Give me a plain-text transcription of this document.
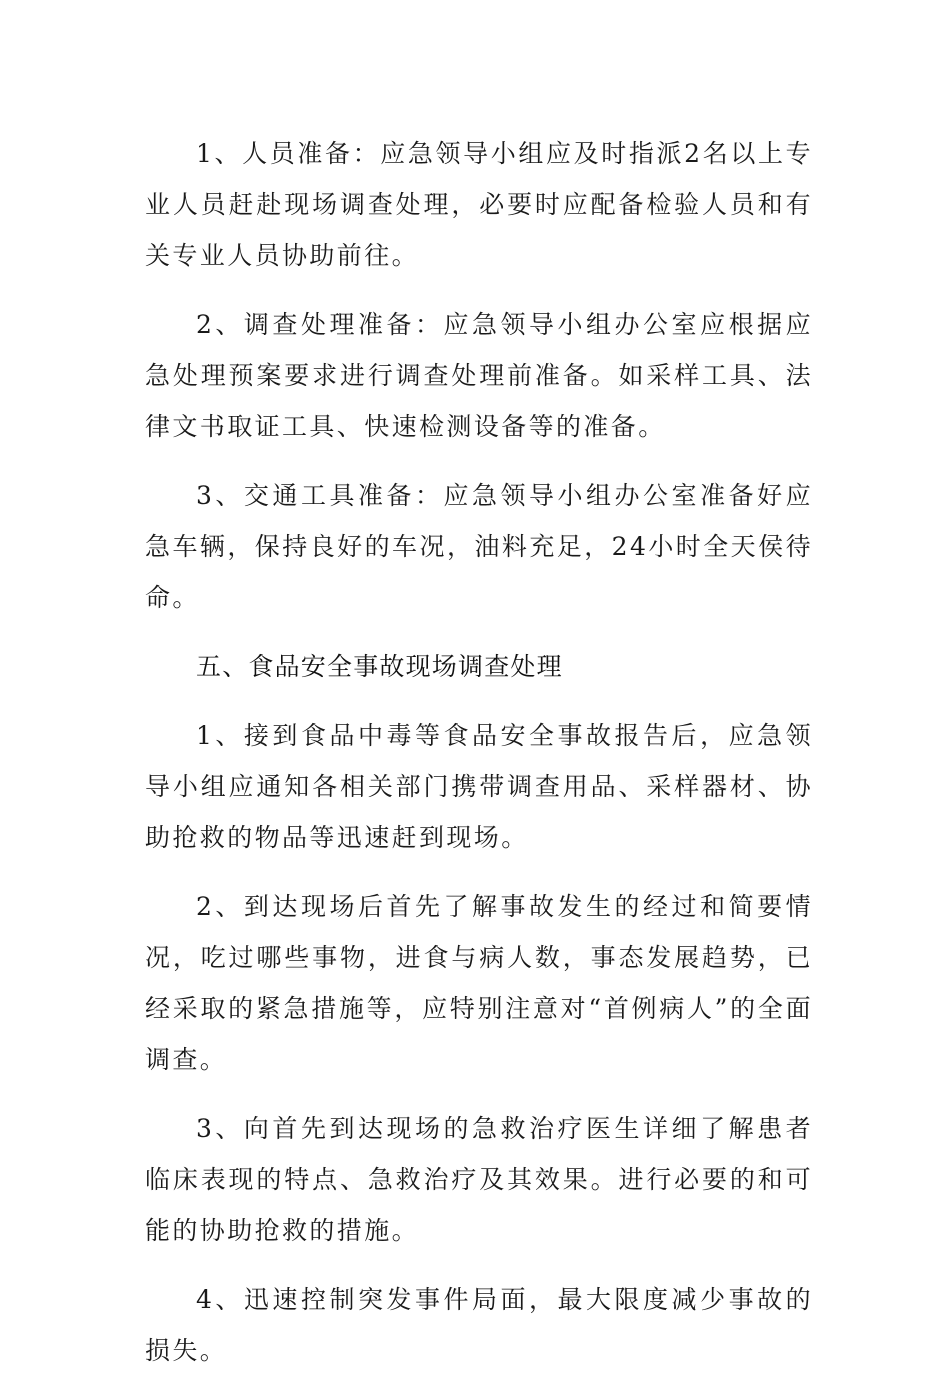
1、人员准备：应急领导小组应及时指派2名以上专业人员赶赴现场调查处理，必要时应配备检验人员和有关专业人员协助前往。

2、调查处理准备：应急领导小组办公室应根据应急处理预案要求进行调查处理前准备。如采样工具、法律文书取证工具、快速检测设备等的准备。

3、交通工具准备：应急领导小组办公室准备好应急车辆，保持良好的车况，油料充足，24小时全天侯待命。

五、食品安全事故现场调查处理

1、接到食品中毒等食品安全事故报告后，应急领导小组应通知各相关部门携带调查用品、采样器材、协助抢救的物品等迅速赶到现场。

2、到达现场后首先了解事故发生的经过和简要情况，吃过哪些事物，进食与病人数，事态发展趋势，已经采取的紧急措施等，应特别注意对“首例病人”的全面调查。

3、向首先到达现场的急救治疗医生详细了解患者临床表现的特点、急救治疗及其效果。进行必要的和可能的协助抢救的措施。

4、迅速控制突发事件局面，最大限度减少事故的损失。
